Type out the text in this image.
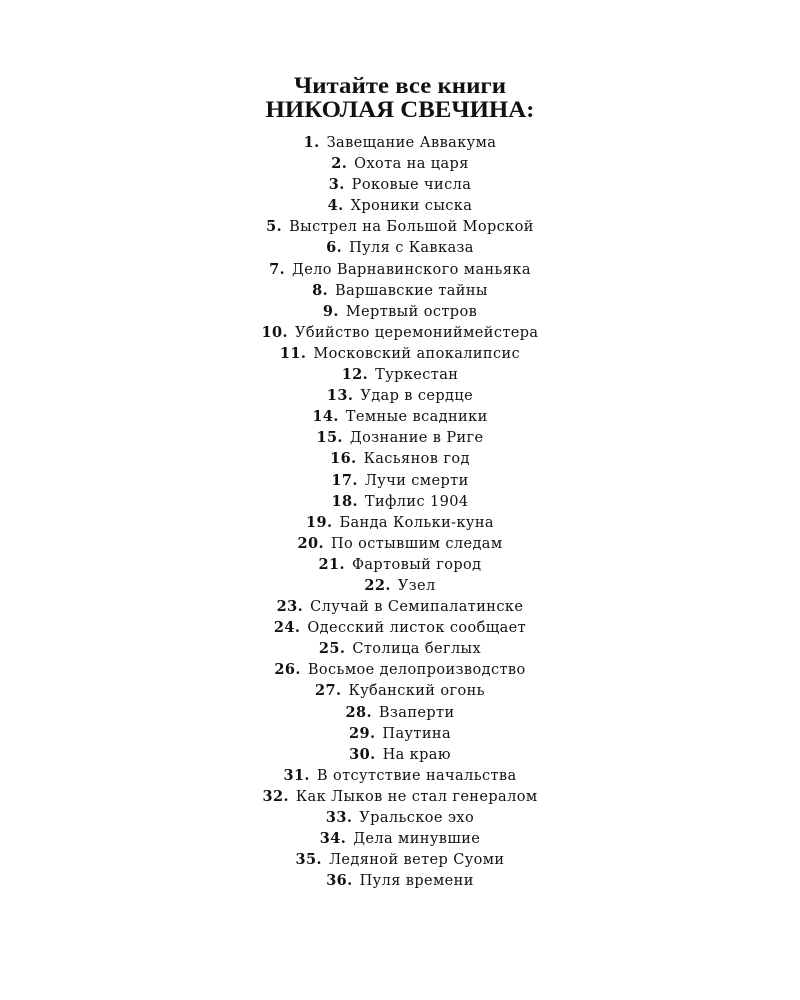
Читайте все книги
НИКОЛАЯ СВЕЧИНА:
1. Завещание Аввакума
2. Охота на царя
3. Роковые числа
4. Хроники сыска
5. Выстрел на Большой Морской
6. Пуля с Кавказа
7. Дело Варнавинского маньяка
8. Варшавские тайны
9. Мертвый остров
10. Убийство церемониймейстера
11. Московский апокалипсис
12. Туркестан
13. Удар в сердце
14. Темные всадники
15. Дознание в Риге
16. Касьянов год
17. Лучи смерти
18. Тифлис 1904
19. Банда Кольки-куна
20. По остывшим следам
21. Фартовый город
22. Узел
23. Случай в Семипалатинске
24. Одесский листок сообщает
25. Столица беглых
26. Восьмое делопроизводство
27. Кубанский огонь
28. Взаперти
29. Паутина
30. На краю
31. В отсутствие начальства
32. Как Лыков не стал генералом
33. Уральское эхо
34. Дела минувшие
35. Ледяной ветер Суоми
36. Пуля времени
